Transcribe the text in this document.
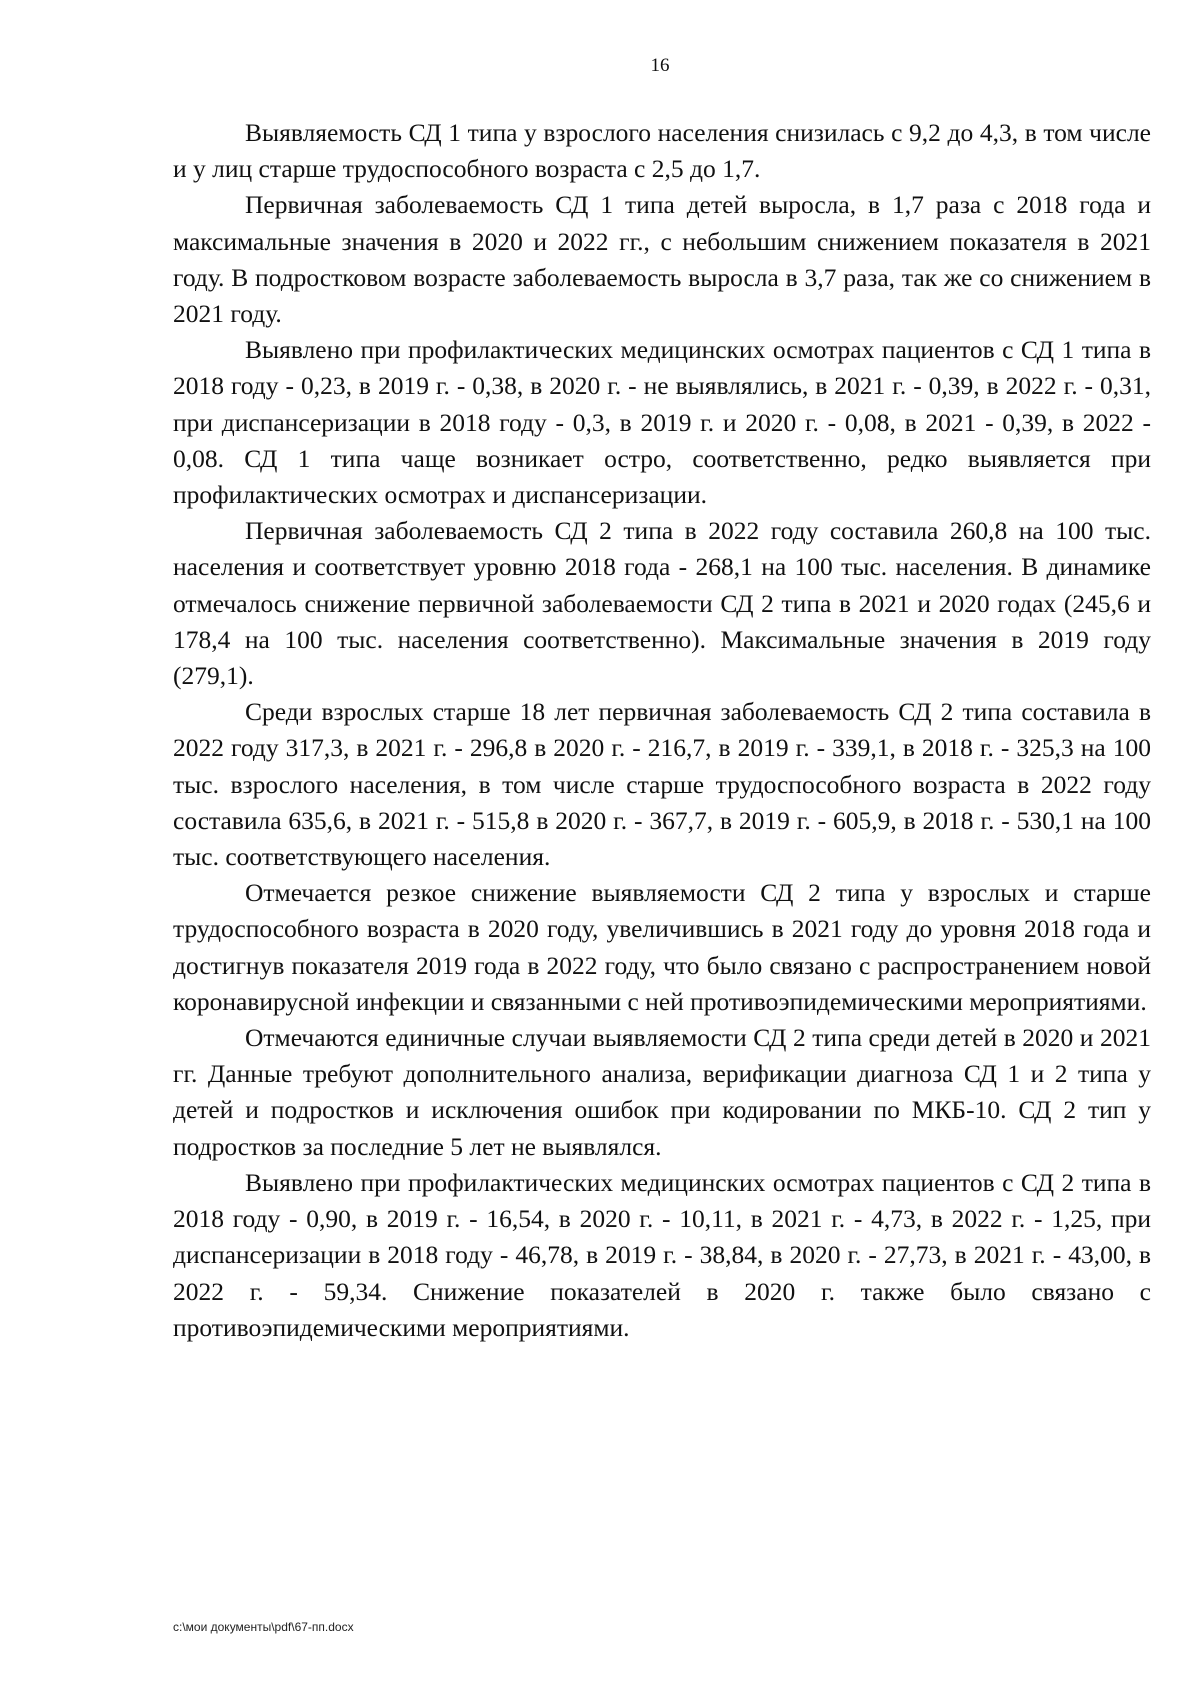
16

Выявляемость СД 1 типа у взрослого населения снизилась с 9,2 до 4,3, в том числе и у лиц старше трудоспособного возраста с 2,5 до 1,7.

Первичная заболеваемость СД 1 типа детей выросла, в 1,7 раза с 2018 года и максимальные значения в 2020 и 2022 гг., с небольшим снижением показателя в 2021 году. В подростковом возрасте заболеваемость выросла в 3,7 раза, так же со снижением в 2021 году.

Выявлено при профилактических медицинских осмотрах пациентов с СД 1 типа в 2018 году - 0,23, в 2019 г. - 0,38, в 2020 г. - не выявлялись, в 2021 г. - 0,39, в 2022 г. - 0,31, при диспансеризации в 2018 году - 0,3, в 2019 г. и 2020 г. - 0,08, в 2021 - 0,39, в 2022 - 0,08. СД 1 типа чаще возникает остро, соответственно, редко выявляется при профилактических осмотрах и диспансеризации.

Первичная заболеваемость СД 2 типа в 2022 году составила 260,8 на 100 тыс. населения и соответствует уровню 2018 года - 268,1 на 100 тыс. населения. В динамике отмечалось снижение первичной заболеваемости СД 2 типа в 2021 и 2020 годах (245,6 и 178,4 на 100 тыс. населения соответственно). Максимальные значения в 2019 году (279,1).

Среди взрослых старше 18 лет первичная заболеваемость СД 2 типа составила в 2022 году 317,3, в 2021 г. - 296,8 в 2020 г. - 216,7, в 2019 г. - 339,1, в 2018 г. - 325,3 на 100 тыс. взрослого населения, в том числе старше трудоспособного возраста в 2022 году составила 635,6, в 2021 г. - 515,8 в 2020 г. - 367,7, в 2019 г. - 605,9, в 2018 г. - 530,1 на 100 тыс. соответствующего населения.

Отмечается резкое снижение выявляемости СД 2 типа у взрослых и старше трудоспособного возраста в 2020 году, увеличившись в 2021 году до уровня 2018 года и достигнув показателя 2019 года в 2022 году, что было связано с распространением новой коронавирусной инфекции и связанными с ней противоэпидемическими мероприятиями.

Отмечаются единичные случаи выявляемости СД 2 типа среди детей в 2020 и 2021 гг. Данные требуют дополнительного анализа, верификации диагноза СД 1 и 2 типа у детей и подростков и исключения ошибок при кодировании по МКБ-10. СД 2 тип у подростков за последние 5 лет не выявлялся.

Выявлено при профилактических медицинских осмотрах пациентов с СД 2 типа в 2018 году - 0,90, в 2019 г. - 16,54, в 2020 г. - 10,11, в 2021 г. - 4,73, в 2022 г. - 1,25, при диспансеризации в 2018 году - 46,78, в 2019 г. - 38,84, в 2020 г. - 27,73, в 2021 г. - 43,00, в 2022 г. - 59,34. Снижение показателей в 2020 г. также было связано с противоэпидемическими мероприятиями.

c:\мои документы\pdf\67-пп.docx
